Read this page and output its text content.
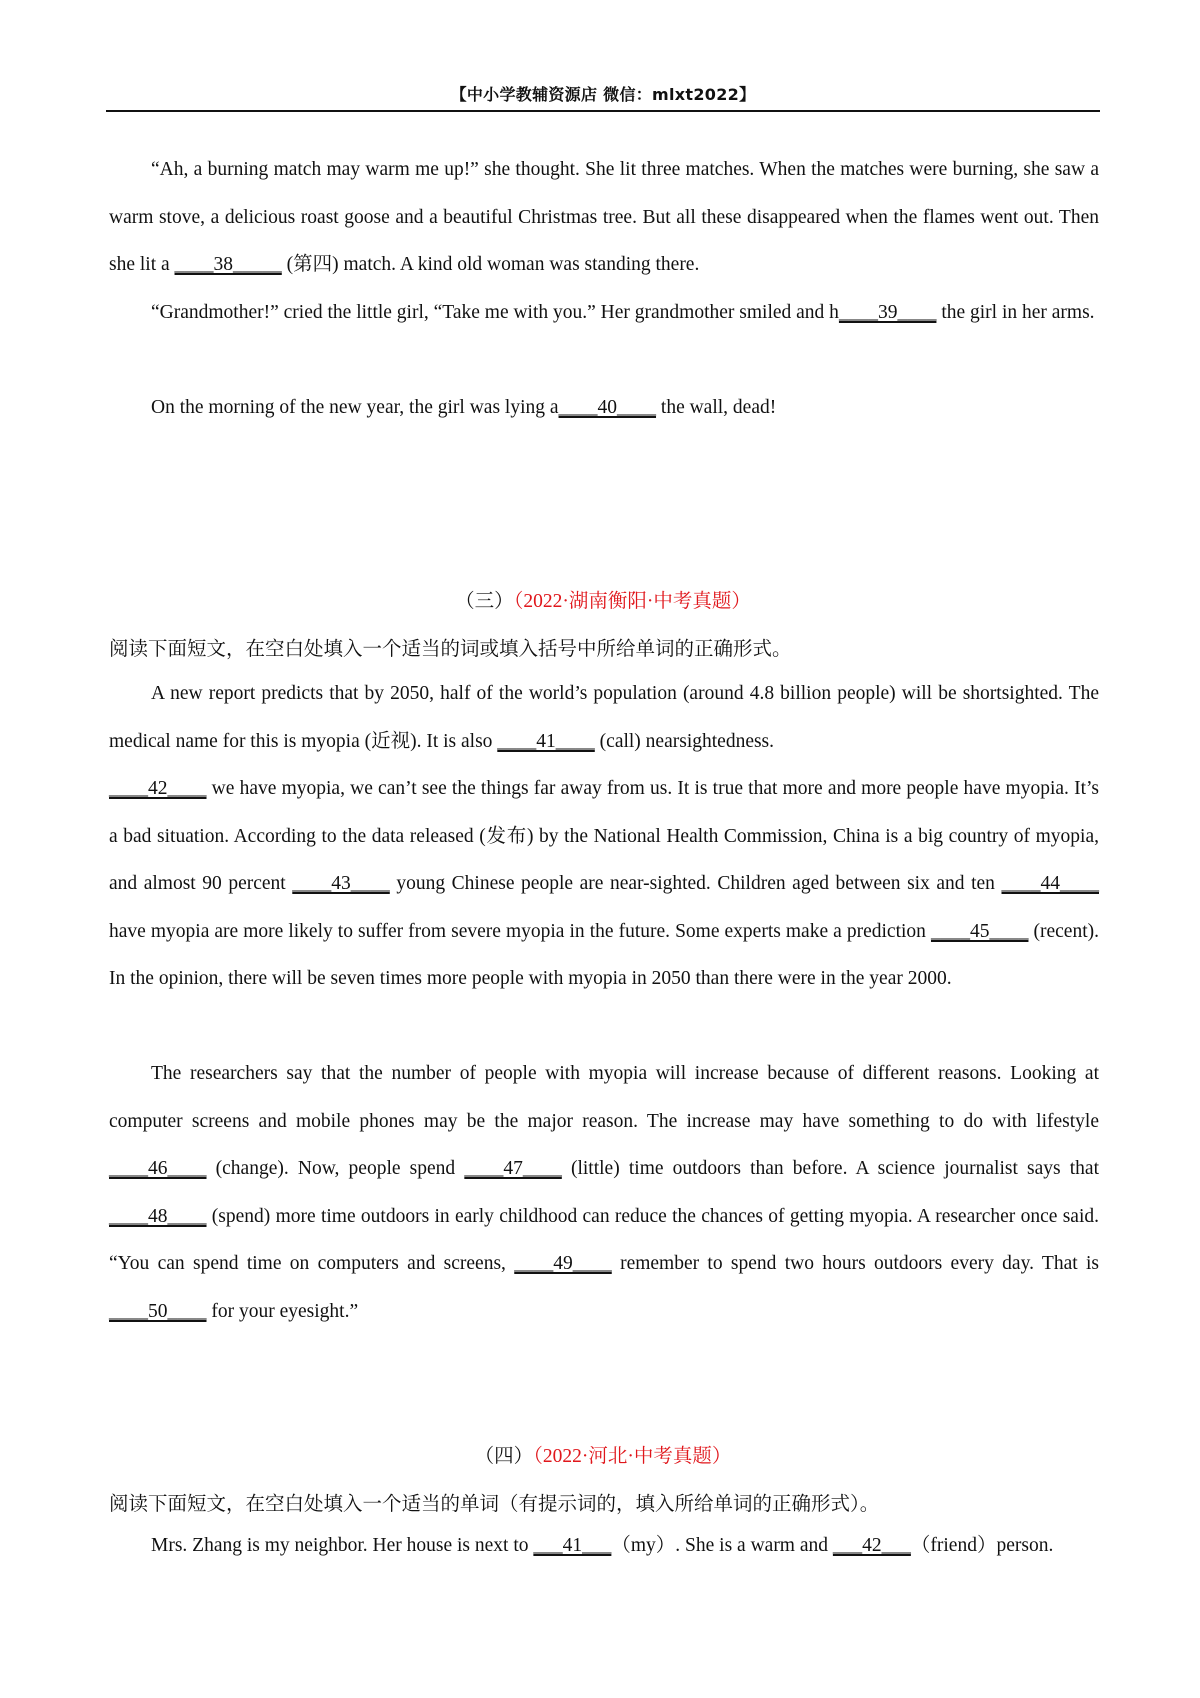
【中小学教辅资源店 微信：mlxt2022】

“Ah, a burning match may warm me up!” she thought. She lit three matches. When the matches were burning, she saw a warm stove, a delicious roast goose and a beautiful Christmas tree. But all these disappeared when the flames went out. Then she lit a ____38_____ (第四) match. A kind old woman was standing there.

“Grandmother!” cried the little girl, “Take me with you.” Her grandmother smiled and h____39____ the girl in her arms.

On the morning of the new year, the girl was lying a____40____ the wall, dead!

（三）（2022·湖南衡阳·中考真题）
阅读下面短文，在空白处填入一个适当的词或填入括号中所给单词的正确形式。

A new report predicts that by 2050, half of the world’s population (around 4.8 billion people) will be shortsighted. The medical name for this is myopia (近视). It is also ____41____ (call) nearsightedness.

____42____ we have myopia, we can’t see the things far away from us. It is true that more and more people have myopia. It’s a bad situation. According to the data released (发布) by the National Health Commission, China is a big country of myopia, and almost 90 percent ____43____ young Chinese people are near-sighted. Children aged between six and ten ____44____ have myopia are more likely to suffer from severe myopia in the future. Some experts make a prediction ____45____ (recent). In the opinion, there will be seven times more people with myopia in 2050 than there were in the year 2000.

The researchers say that the number of people with myopia will increase because of different reasons. Looking at computer screens and mobile phones may be the major reason. The increase may have something to do with lifestyle ____46____ (change). Now, people spend ____47____ (little) time outdoors than before. A science journalist says that ____48____ (spend) more time outdoors in early childhood can reduce the chances of getting myopia. A researcher once said. “You can spend time on computers and screens, ____49____ remember to spend two hours outdoors every day. That is ____50____ for your eyesight.”

（四）（2022·河北·中考真题）
阅读下面短文，在空白处填入一个适当的单词（有提示词的，填入所给单词的正确形式）。

Mrs. Zhang is my neighbor. Her house is next to ___41___（my）. She is a warm and ___42___（friend）person.
